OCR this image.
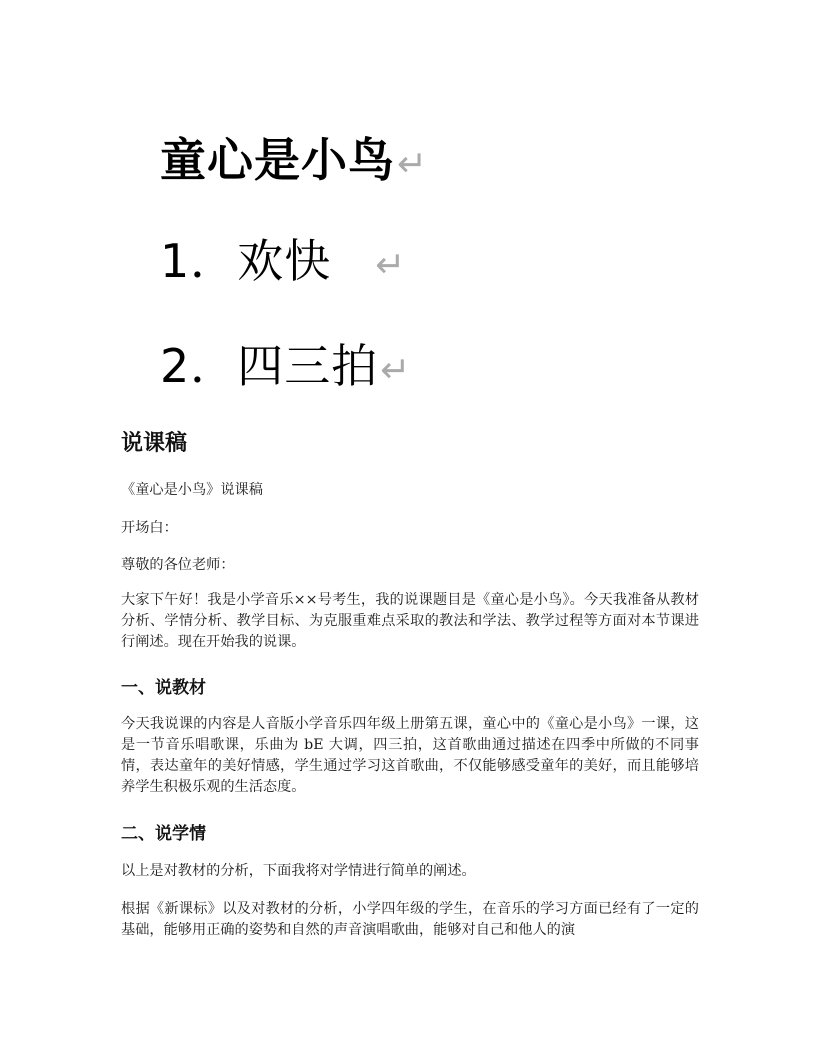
童心是小鸟↵
1．欢快 ↵
2．四三拍↵
说课稿
《童心是小鸟》说课稿
开场白：
尊敬的各位老师：
大家下午好！我是小学音乐××号考生，我的说课题目是《童心是小鸟》。今天我准备从教材分析、学情分析、教学目标、为克服重难点采取的教法和学法、教学过程等方面对本节课进行阐述。现在开始我的说课。
一、说教材
今天我说课的内容是人音版小学音乐四年级上册第五课，童心中的《童心是小鸟》一课，这是一节音乐唱歌课，乐曲为 bE 大调，四三拍，这首歌曲通过描述在四季中所做的不同事情，表达童年的美好情感，学生通过学习这首歌曲，不仅能够感受童年的美好，而且能够培养学生积极乐观的生活态度。
二、说学情
以上是对教材的分析，下面我将对学情进行简单的阐述。
根据《新课标》以及对教材的分析，小学四年级的学生，在音乐的学习方面已经有了一定的基础，能够用正确的姿势和自然的声音演唱歌曲，能够对自己和他人的演
